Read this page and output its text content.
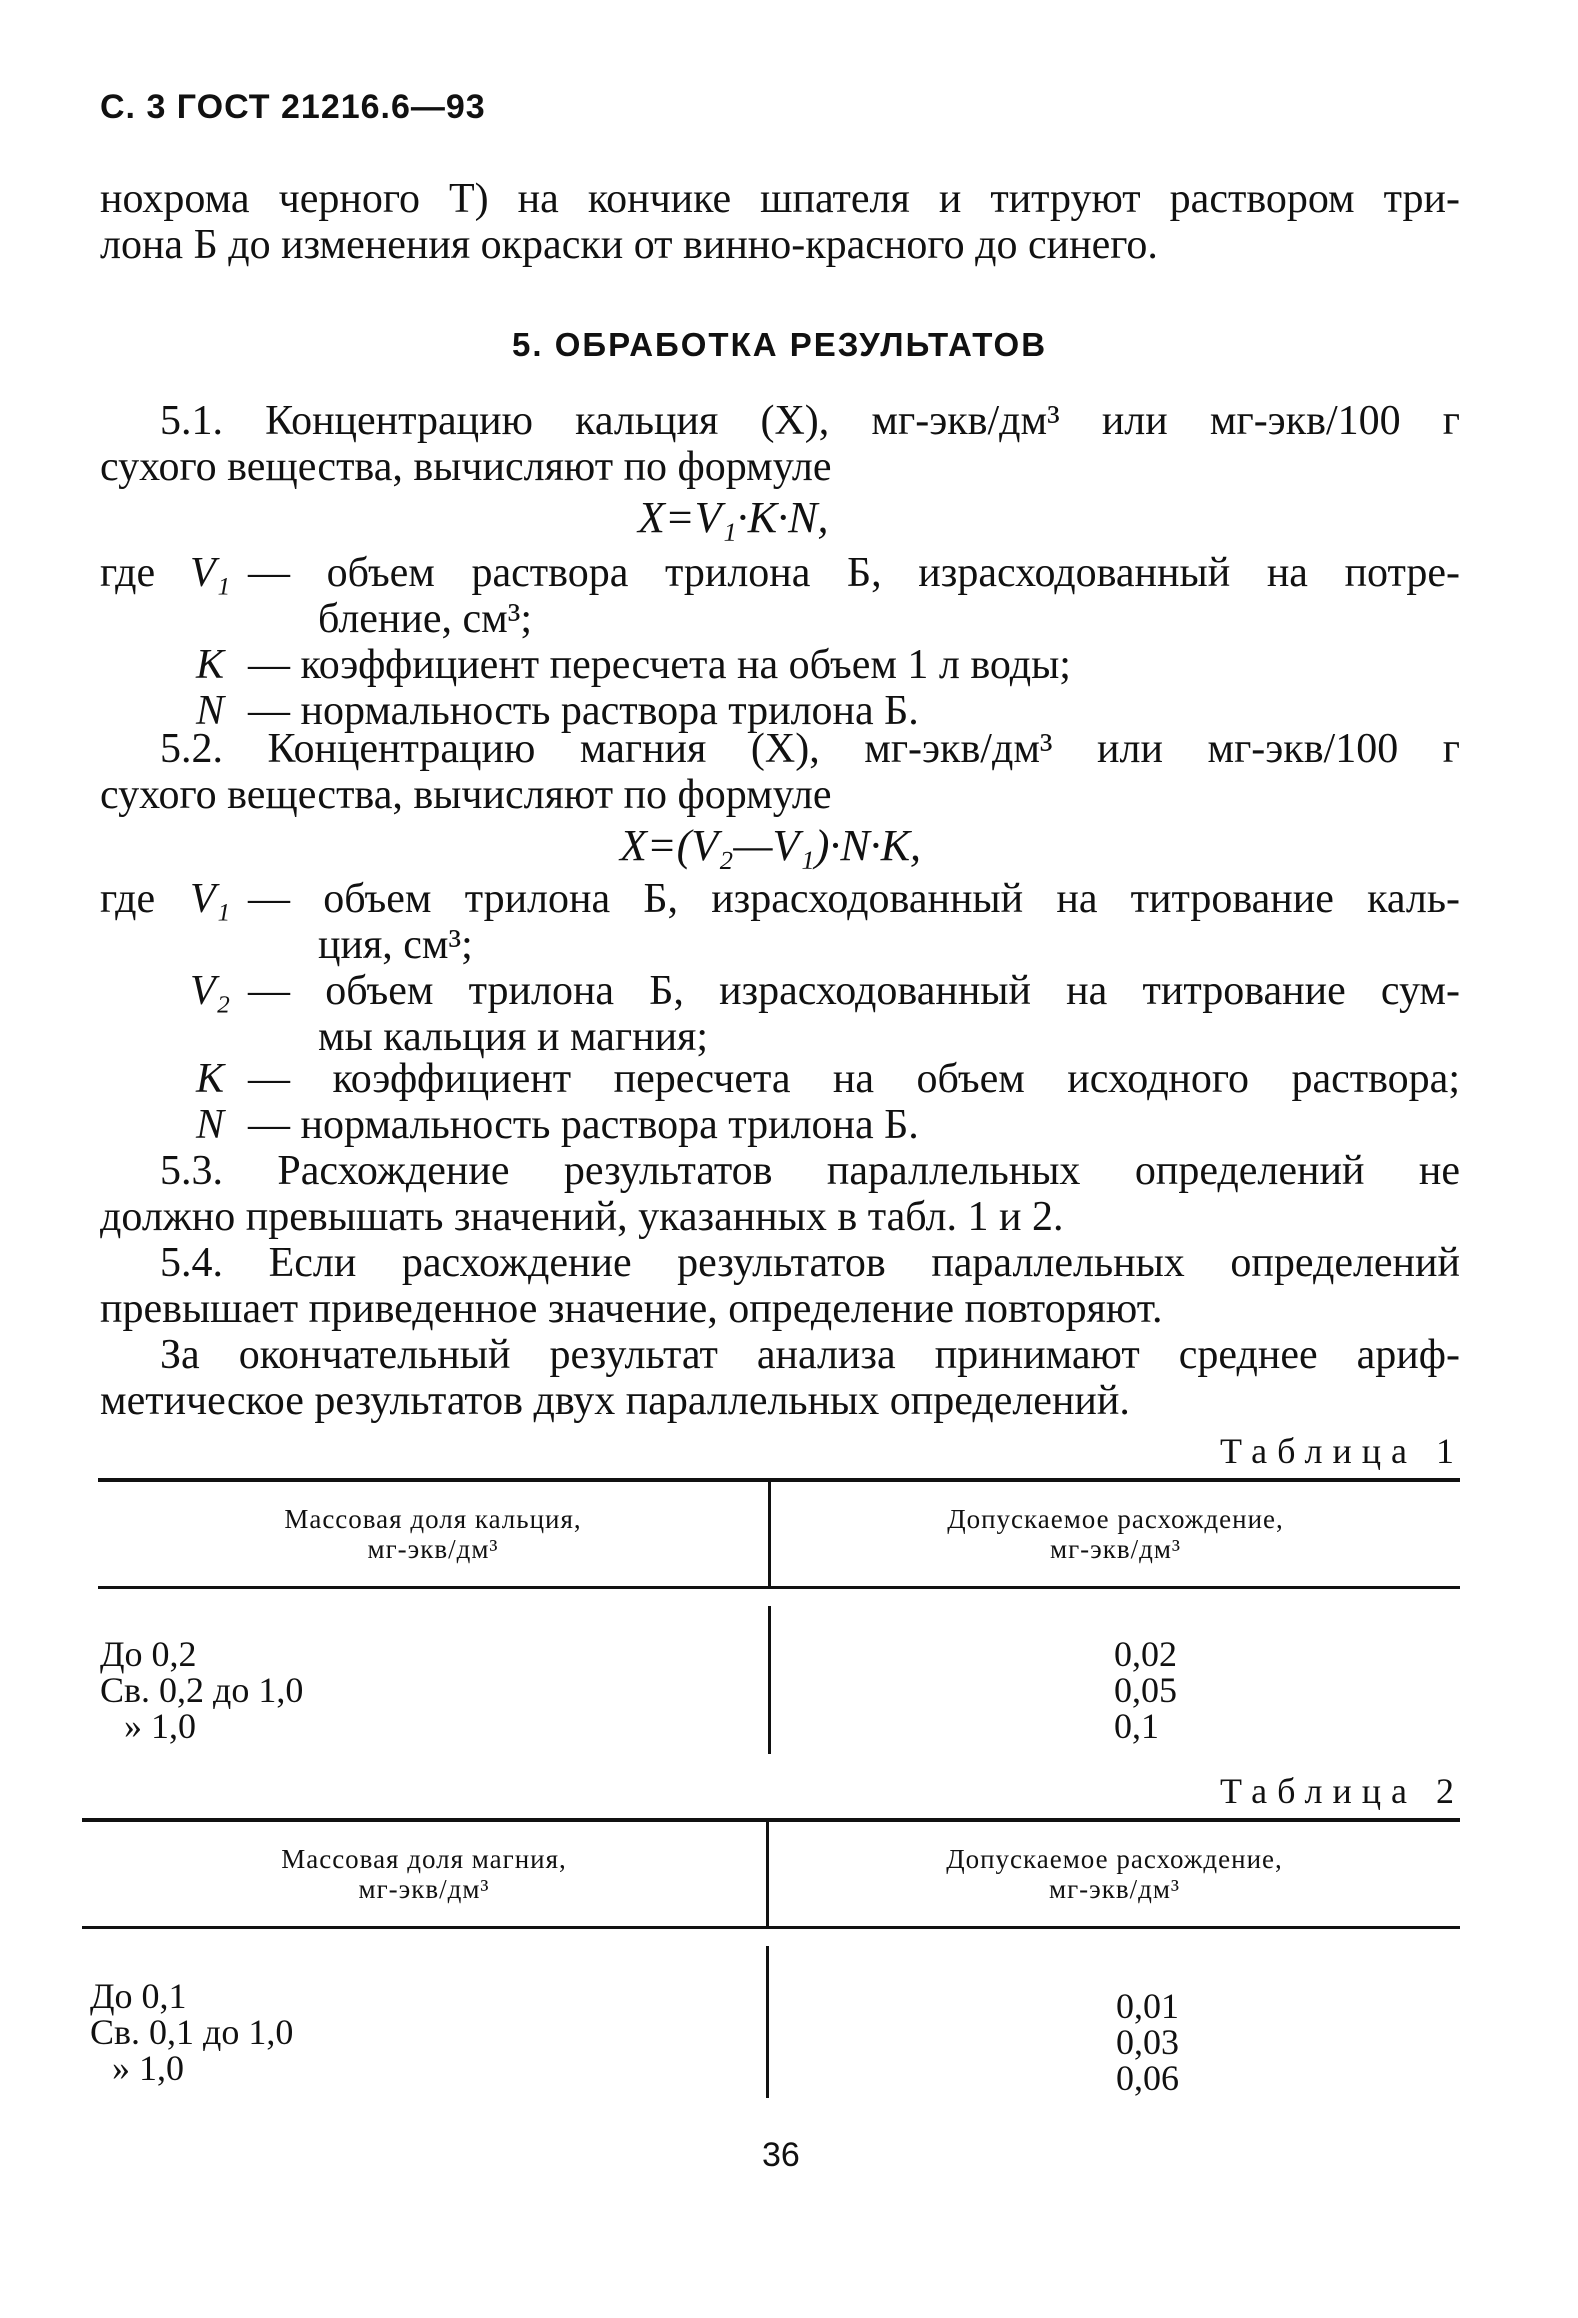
С. 3 ГОСТ 21216.6—93
нохрома черного Т) на кончике шпателя и титруют раствором три-
лона Б до изменения окраски от винно-красного до синего.
5. ОБРАБОТКА РЕЗУЛЬТАТОВ
5.1. Концентрацию кальция (X), мг-экв/дм³ или мг-экв/100 г
сухого вещества, вычисляют по формуле
X=V₁·K·N,
где V₁ — объем раствора трилона Б, израсходованный на потре-
бление, см³;
K — коэффициент пересчета на объем 1 л воды;
N — нормальность раствора трилона Б.
5.2. Концентрацию магния (X), мг-экв/дм³ или мг-экв/100 г
сухого вещества, вычисляют по формуле
X=(V₂—V₁)·N·K,
где V₁ — объем трилона Б, израсходованный на титрование каль-
ция, см³;
V₂ — объем трилона Б, израсходованный на титрование сум-
мы кальция и магния;
K — коэффициент пересчета на объем исходного раствора;
N — нормальность раствора трилона Б.
5.3. Расхождение результатов параллельных определений не
должно превышать значений, указанных в табл. 1 и 2.
5.4. Если расхождение результатов параллельных определений
превышает приведенное значение, определение повторяют.
За окончательный результат анализа принимают среднее ариф-
метическое результатов двух параллельных определений.
Таблица 1
Массовая доля кальция,
мг-экв/дм³
Допускаемое расхождение,
мг-экв/дм³
До 0,2
Св. 0,2 до 1,0
» 1,0
0,02
0,05
0,1
Таблица 2
Массовая доля магния,
мг-экв/дм³
Допускаемое расхождение,
мг-экв/дм³
До 0,1
Св. 0,1 до 1,0
» 1,0
0,01
0,03
0,06
36
